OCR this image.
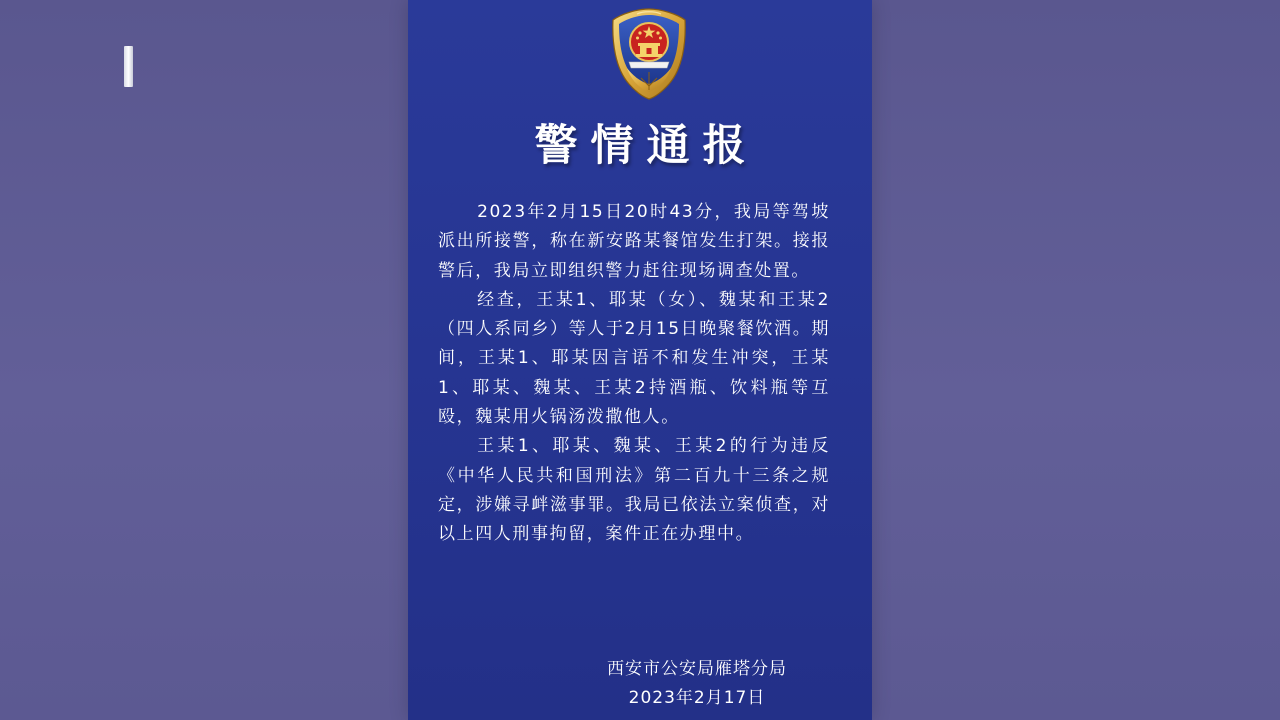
警情通报

2023年2月15日20时43分，我局等驾坡派出所接警，称在新安路某餐馆发生打架。接报警后，我局立即组织警力赶往现场调查处置。

经查，王某1、耶某（女）、魏某和王某2（四人系同乡）等人于2月15日晚聚餐饮酒。期间，王某1、耶某因言语不和发生冲突，王某1、耶某、魏某、王某2持酒瓶、饮料瓶等互殴，魏某用火锅汤泼撒他人。

王某1、耶某、魏某、王某2的行为违反《中华人民共和国刑法》第二百九十三条之规定，涉嫌寻衅滋事罪。我局已依法立案侦查，对以上四人刑事拘留，案件正在办理中。

西安市公安局雁塔分局
2023年2月17日
